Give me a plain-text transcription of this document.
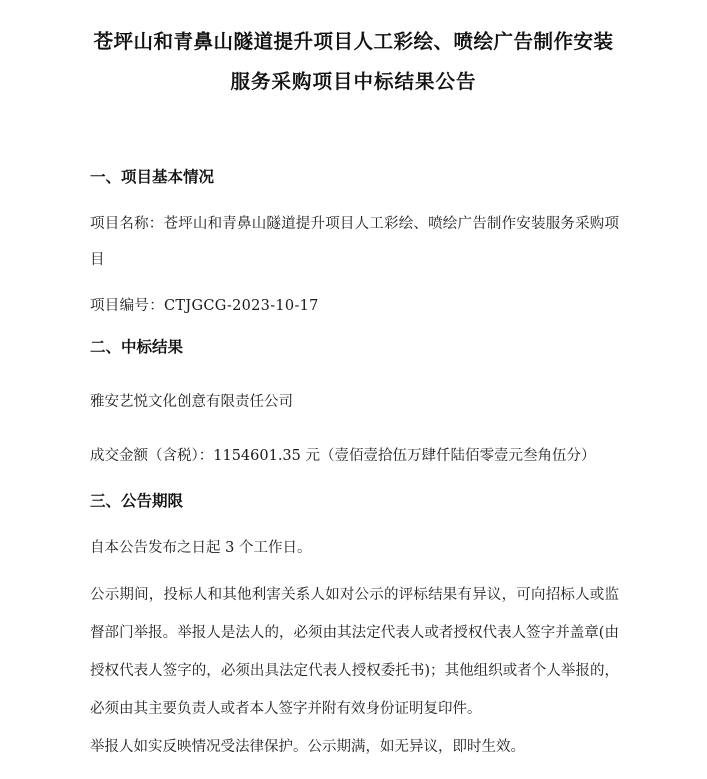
苍坪山和青鼻山隧道提升项目人工彩绘、喷绘广告制作安装
服务采购项目中标结果公告
一、项目基本情况

项目名称：苍坪山和青鼻山隧道提升项目人工彩绘、喷绘广告制作安装服务采购项目

项目编号：CTJGCG-2023-10-17

二、中标结果

雅安艺悦文化创意有限责任公司

成交金额（含税）：1154601.35 元（壹佰壹拾伍万肆仟陆佰零壹元叁角伍分）

三、公告期限

自本公告发布之日起 3 个工作日。

公示期间，投标人和其他利害关系人如对公示的评标结果有异议，可向招标人或监督部门举报。举报人是法人的，必须由其法定代表人或者授权代表人签字并盖章(由授权代表人签字的，必须出具法定代表人授权委托书)；其他组织或者个人举报的，必须由其主要负责人或者本人签字并附有效身份证明复印件。

举报人如实反映情况受法律保护。公示期满，如无异议，即时生效。
